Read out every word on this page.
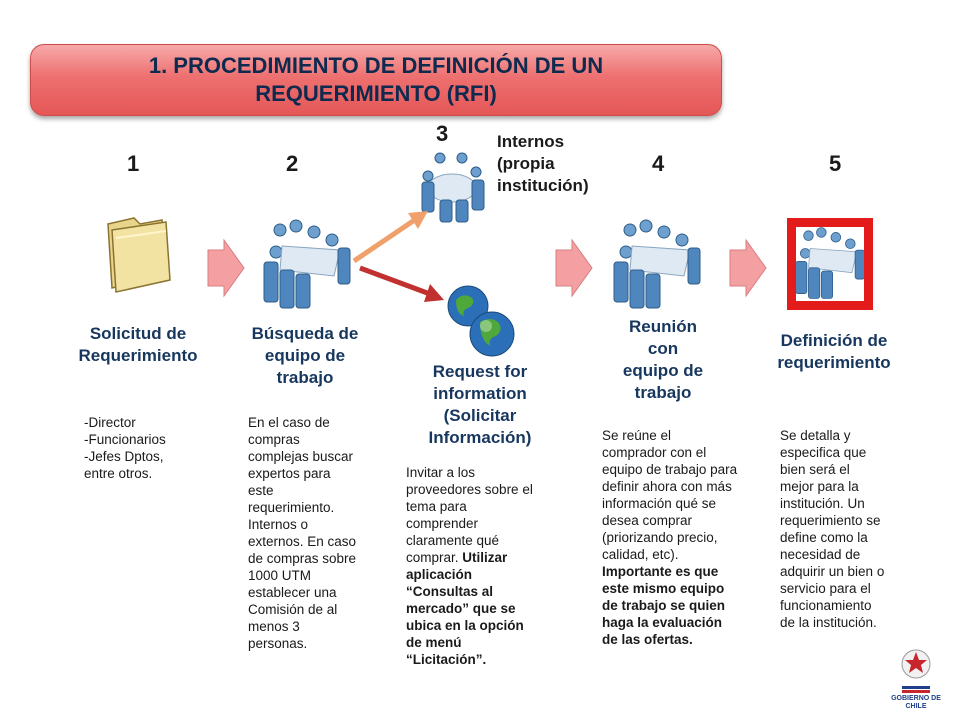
1. PROCEDIMIENTO DE DEFINICIÓN DE UN
REQUERIMIENTO (RFI)
1	2
3
4	5
Internos
(propia
institución)
Solicitud de
Requerimiento
Búsqueda de
equipo de
trabajo	Request for
information
(Solicitar
Información)
Reunión
con
equipo de
trabajo
Definición de
requerimiento
-Director
-Funcionarios
-Jefes Dptos,
entre otros.
En el caso de
compras
complejas buscar
expertos para
este
requerimiento.
Internos o
externos. En caso
de compras sobre
1000 UTM
establecer una
Comisión de al
menos 3
personas.
Invitar a los
proveedores sobre el
tema para
comprender
claramente qué
comprar. Utilizar
aplicación
“Consultas al
mercado” que se
ubica en la opción
de menú
“Licitación”.
Se reúne el
comprador con el
equipo de trabajo para
definir ahora con más
información qué se
desea comprar
(priorizando precio,
calidad, etc).
Importante es que
este mismo equipo
de trabajo se quien
haga la evaluación
de las ofertas.
Se detalla y
especifica que
bien será el
mejor para la
institución. Un
requerimiento se
define como la
necesidad de
adquirir un bien o
servicio para el
funcionamiento
de la institución.
GOBIERNO DE CHILE
